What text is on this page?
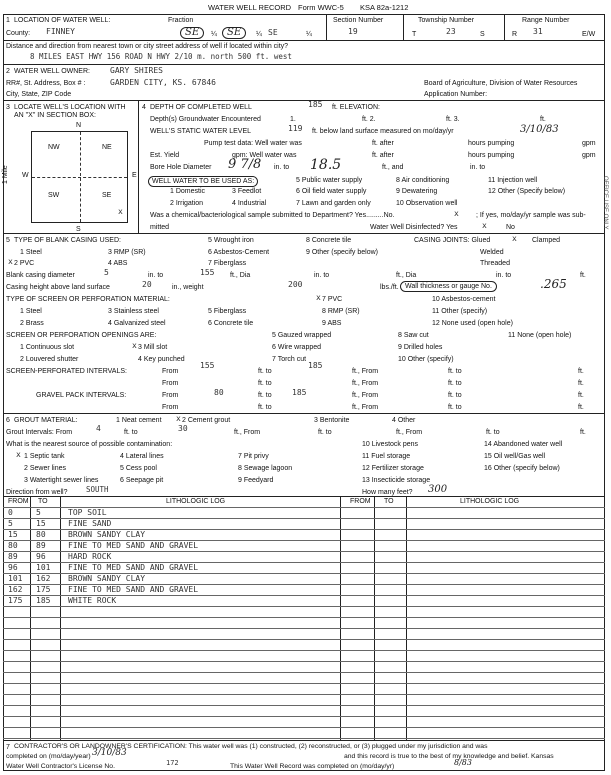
WATER WELL RECORD Form WWC-5 KSA 82a-1212
1 LOCATION OF WATER WELL:
County: FINNEY
Fraction
SE	¼	SE	¼ SE	¼
Section Number
19
Township Number
T	23	S
Range Number
R 31	E/W
Distance and direction from nearest town or city street address of well if located within city?
8 MILES EAST HWY 156 ROAD N HWY 2/10 m. north 500 ft. west
2 WATER WELL OWNER:	GARY SHIRES
RR#, St. Address, Box # :	GARDEN CITY, KS. 67846
City, State, ZIP Code
Board of Agriculture, Division of Water Resources
Application Number:
3 LOCATE WELL'S LOCATION WITH
AN "X" IN SECTION BOX:
N
S
W	E
1 Mile
NW	NE
SW	SE
x
4 DEPTH OF COMPLETED WELL	185 ft. ELEVATION:
Depth(s) Groundwater Encountered	1.	ft. 2.	ft. 3.	ft.
WELL'S STATIC WATER LEVEL	119 ft. below land surface measured on mo/day/yr	3/10/83
Pump test data: Well water was	ft. after	hours pumping	gpm
Est. Yield	gpm: Well water was	ft. after	hours pumping	gpm
Bore Hole Diameter 9 7/8 in. to 18.5	ft., and	in. to
WELL WATER TO BE USED AS:
1 Domestic
2 Irrigation
3 Feedlot
4 Industrial
5 Public water supply
6 Oil field water supply
7 Lawn and garden only
8 Air conditioning
9 Dewatering
10 Observation well
11 Injection well
12 Other (Specify below)
Was a chemical/bacteriological sample submitted to Department? Yes.........No.	x ; If yes, mo/day/yr sample was sub-
mitted	Water Well Disinfected? Yes	x	No
5 TYPE OF BLANK CASING USED:
1 Steel
2 PVC
x
3 RMP (SR)
4 ABS
5 Wrought iron
6 Asbestos-Cement
7 Fiberglass
8 Concrete tile
9 Other (specify below)
CASING JOINTS: Glued	x Clamped
Welded
Threaded
Blank casing diameter	5	in. to	155 ft., Dia	in. to	ft., Dia	in. to	ft.
Casing height above land surface	20	in., weight	200	lbs./ft. Wall thickness or gauge No.	.265
TYPE OF SCREEN OR PERFORATION MATERIAL:	x 7 PVC	10 Asbestos-cement
1 Steel
2 Brass
3 Stainless steel
4 Galvanized steel
5 Fiberglass
6 Concrete tile
8 RMP (SR)
9 ABS
11 Other (specify)
12 None used (open hole)
SCREEN OR PERFORATION OPENINGS ARE:
1 Continuous slot
2 Louvered shutter
x 3 Mill slot
4 Key punched
5 Gauzed wrapped
6 Wire wrapped
7 Torch cut
8 Saw cut
9 Drilled holes
10 Other (specify)
11 None (open hole)
SCREEN-PERFORATED INTERVALS:	From
155
ft. to
185
ft., From	ft. to	ft.
From	ft. to	ft., From	ft. to	ft.
GRAVEL PACK INTERVALS:	From	80	ft. to	185	ft., From	ft. to	ft.
From	ft. to	ft., From	ft. to	ft.
6 GROUT MATERIAL:	1 Neat cement x 2 Cement grout	3 Bentonite	4 Other
Grout Intervals: From	4	ft. to	30	ft., From	ft. to	ft., From	ft. to	ft.
What is the nearest source of possible contamination:
x 1 Septic tank
2 Sewer lines
3 Watertight sewer lines
4 Lateral lines
5 Cess pool
6 Seepage pit
7 Pit privy
8 Sewage lagoon
9 Feedyard
10 Livestock pens
11 Fuel storage
12 Fertilizer storage
13 Insecticide storage
14 Abandoned water well
15 Oil well/Gas well
16 Other (specify below)
Direction from well? SOUTH	How many feet? 300
FROM TO	LITHOLOGIC LOG	FROM TO	LITHOLOGIC LOG
0	5	TOP SOIL
5	15	FINE SAND
15 80	BROWN SANDY CLAY
80 89	FINE TO MED SAND AND GRAVEL
89 96	HARD ROCK
96 101 FINE TO MED SAND AND GRAVEL
101 162 BROWN SANDY CLAY
162 175 FINE TO MED SAND AND GRAVEL
175 185 WHITE ROCK
7 CONTRACTOR'S OR LANDOWNER'S CERTIFICATION: This water well was (1) constructed, (2) reconstructed, or (3) plugged under my jurisdiction and was
completed on (mo/day/year) 3/10/83	and this record is true to the best of my knowledge and belief. Kansas
Water Well Contractor's License No.	172	This Water Well Record was completed on (mo/day/yr)	8/83
OFFICE USE ONLY
